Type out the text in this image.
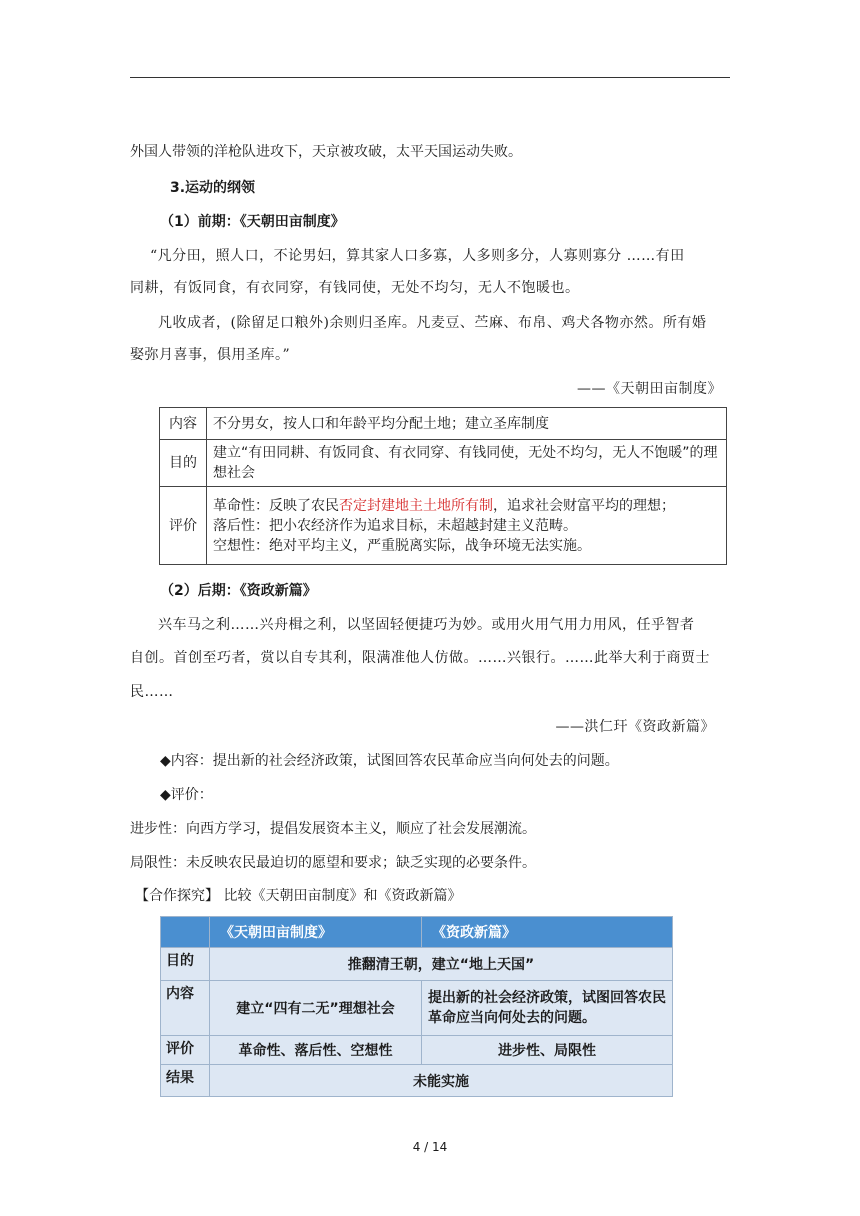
外国人带领的洋枪队进攻下，天京被攻破，太平天国运动失败。
3.运动的纲领
（1）前期：《天朝田亩制度》
“凡分田，照人口，不论男妇，算其家人口多寡，人多则多分，人寡则寡分 ……有田
同耕，有饭同食，有衣同穿，有钱同使，无处不均匀，无人不饱暖也。
凡收成者，(除留足口粮外)余则归圣库。凡麦豆、苎麻、布帛、鸡犬各物亦然。所有婚
娶弥月喜事，俱用圣库。”
——《天朝田亩制度》
内容	不分男女，按人口和年龄平均分配土地；建立圣库制度
目的	建立“有田同耕、有饭同食、有衣同穿、有钱同使，无处不均匀，无人不饱暖”的理想社会
评价	革命性：反映了农民否定封建地主土地所有制，追求社会财富平均的理想；
落后性：把小农经济作为追求目标，未超越封建主义范畴。
空想性：绝对平均主义，严重脱离实际，战争环境无法实施。
（2）后期：《资政新篇》
兴车马之利……兴舟楫之利，以坚固轻便捷巧为妙。或用火用气用力用风，任乎智者
自创。首创至巧者，赏以自专其利，限满准他人仿做。……兴银行。……此举大利于商贾士
民……
——洪仁玕《资政新篇》
◆内容：提出新的社会经济政策，试图回答农民革命应当向何处去的问题。
◆评价：
进步性：向西方学习，提倡发展资本主义，顺应了社会发展潮流。
局限性：未反映农民最迫切的愿望和要求；缺乏实现的必要条件。
【合作探究】 比较《天朝田亩制度》和《资政新篇》
	《天朝田亩制度》	《资政新篇》
目的	推翻清王朝，建立“地上天国”	
内容	建立“四有二无”理想社会	提出新的社会经济政策，试图回答农民革命应当向何处去的问题。
评价	革命性、落后性、空想性	进步性、局限性
结果	未能实施	
4 / 14
